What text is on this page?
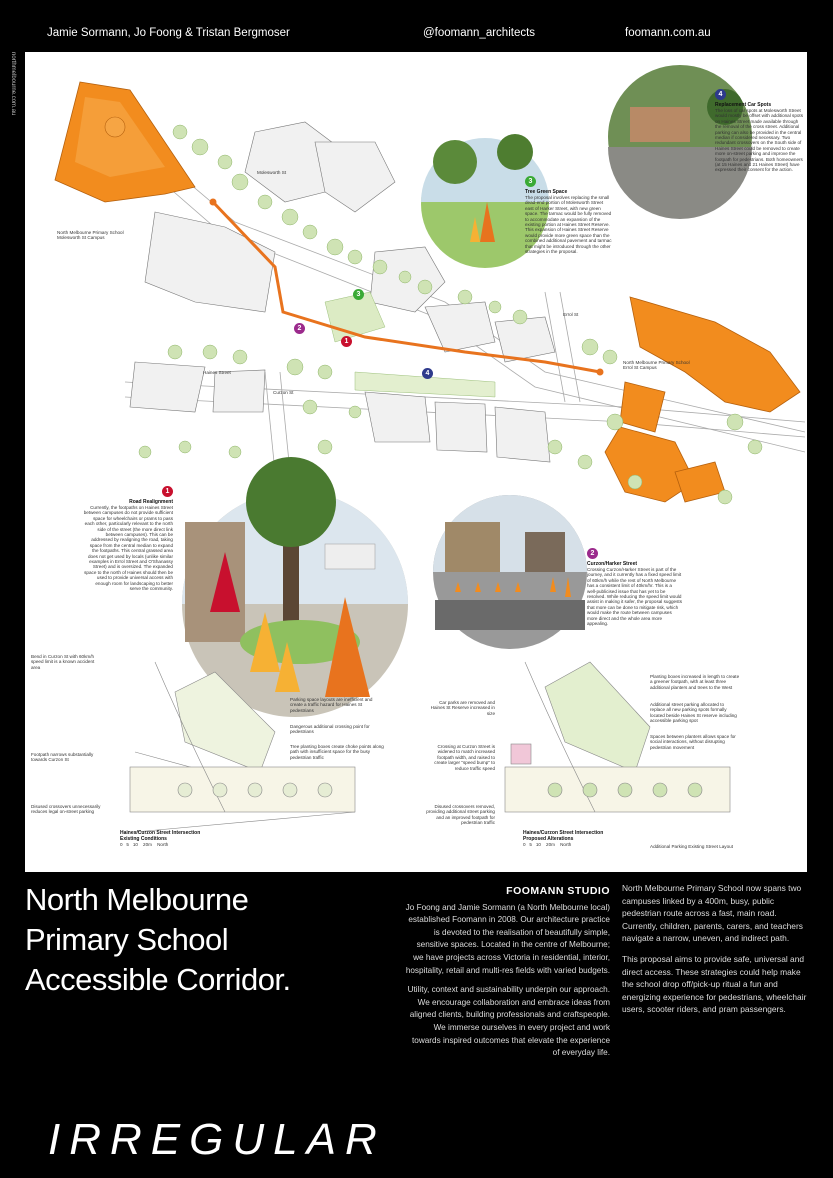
Jamie Sormann, Jo Foong & Tristan Bergmoser	@foomann_architects	foomann.com.au
northmelbourne.com.au
North Melbourne Primary School Molesworth St Campus
North Melbourne Primary School Errol St Campus
Haines Street
Molesworth St
Curzon St
Errol St
1
2
3
4
4
Replacement Car Spots
The loss of car spots at Molesworth Street would mostly be offset with additional spots on Haines Street made available through the removal of the cross street. Additional parking can also be provided in the central median if considered necessary. Two redundant crossovers on the South side of Haines Street could be removed to create more on-street parking and improve the footpath for pedestrians. Both homeowners (at 15 Haines and 21 Haines Street) have expressed their consent for the action.
3
Tree Green Space
The proposal involves replacing the small dead-end portion of Molesworth Street east of Harker Street, with new green space. The tarmac would be fully removed to accommodate an expansion of the existing portion at Haines Street Reserve. This expansion of Haines Street Reserve would provide more green space than the combined additional pavement and tarmac that might be introduced through the other strategies in the proposal.
1
Road Realignment
Currently, the footpaths on Haines Street between campuses do not provide sufficient space for wheelchairs or prams to pass each other, particularly relevant to the north side of the street (the more direct link between campuses). This can be addressed by realigning the road, taking space from the central median to expand the footpaths. This central grassed area does not get used by locals (unlike similar examples in Errol Street and O'Shanassy Street) and is oversized. The expanded space to the north of Haines should then be used to provide universal access with enough room for landscaping to better serve the community.
2
Curzon/Harker Street
Crossing Curzon/Harker Street is part of the journey, and it currently has a fixed speed limit of 60km/h while the rest of North Melbourne has a consistent limit of 40km/hr. This is a well-publicised issue that has yet to be resolved. While reducing the speed limit would assist in making it safer, the proposal suggests that more can be done to mitigate risk, which would make the route between campuses more direct and the whole area more appealing.
Bend in Curzon St with 60km/h speed limit is a known accident area
Footpath narrows substantially towards Curzon St
Disused crossovers unnecessarily reduces legal on-street parking
Parking space layouts are inefficient and create a traffic hazard for Haines St pedestrians
Dangerous additional crossing point for pedestrians
Tree planting boxes create choke points along path with insufficient space for the busy pedestrian traffic
Haines/Curzon Street Intersection
Existing Conditions
0 5 10 20m North
Car parks are removed and Haines St Reserve increased in size
Crossing at Curzon Street is widened to match increased footpath width, and raised to create larger "speed bump" to reduce traffic speed
Disused crossovers removed, providing additional street parking and an improved footpath for pedestrian traffic
Planting boxes increased in length to create a greener footpath, with at least three additional planters and trees to the West
Additional street parking allocated to replace all new parking spots formally located beside Haines St reserve including accessible parking spot
Spaces between planters allows space for social interactions, without disrupting pedestrian movement
Additional Parking Existing Street Layout
Haines/Curzon Street Intersection
Proposed Alterations
0 5 10 20m North
North Melbourne
Primary School
Accessible Corridor.
FOOMANN STUDIO

Jo Foong and Jamie Sormann (a North Melbourne local) established Foomann in 2008. Our architecture practice is devoted to the realisation of beautifully simple, sensitive spaces. Located in the centre of Melbourne; we have projects across Victoria in residential, interior, hospitality, retail and multi-res fields with varied budgets.

Utility, context and sustainability underpin our approach. We encourage collaboration and embrace ideas from aligned clients, building professionals and craftspeople. We immerse ourselves in every project and work towards inspired outcomes that elevate the experience of everyday life.

North Melbourne Primary School now spans two campuses linked by a 400m, busy, public pedestrian route across a fast, main road. Currently, children, parents, carers, and teachers navigate a narrow, uneven, and indirect path.

This proposal aims to provide safe, universal and direct access. These strategies could help make the school drop off/pick-up ritual a fun and energizing experience for pedestrians, wheelchair users, scooter riders, and pram passengers.

IRREGULAR
